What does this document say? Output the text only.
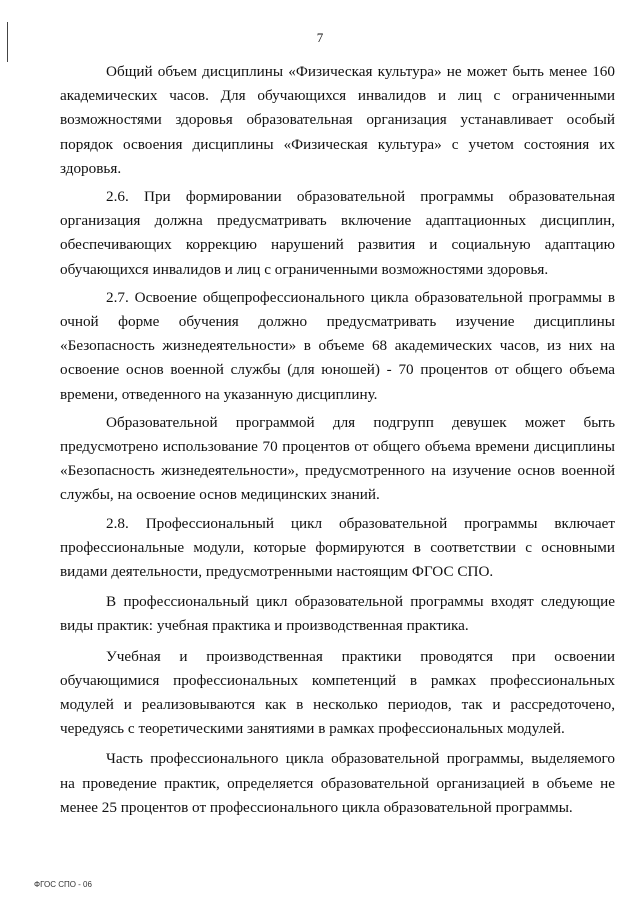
7

Общий объем дисциплины «Физическая культура» не может быть менее 160 академических часов. Для обучающихся инвалидов и лиц с ограниченными возможностями здоровья образовательная организация устанавливает особый порядок освоения дисциплины «Физическая культура» с учетом состояния их здоровья.

2.6. При формировании образовательной программы образовательная организация должна предусматривать включение адаптационных дисциплин, обеспечивающих коррекцию нарушений развития и социальную адаптацию обучающихся инвалидов и лиц с ограниченными возможностями здоровья.

2.7. Освоение общепрофессионального цикла образовательной программы в очной форме обучения должно предусматривать изучение дисциплины «Безопасность жизнедеятельности» в объеме 68 академических часов, из них на освоение основ военной службы (для юношей) - 70 процентов от общего объема времени, отведенного на указанную дисциплину.

Образовательной программой для подгрупп девушек может быть предусмотрено использование 70 процентов от общего объема времени дисциплины «Безопасность жизнедеятельности», предусмотренного на изучение основ военной службы, на освоение основ медицинских знаний.

2.8. Профессиональный цикл образовательной программы включает профессиональные модули, которые формируются в соответствии с основными видами деятельности, предусмотренными настоящим ФГОС СПО.

В профессиональный цикл образовательной программы входят следующие виды практик: учебная практика и производственная практика.

Учебная и производственная практики проводятся при освоении обучающимися профессиональных компетенций в рамках профессиональных модулей и реализовываются как в несколько периодов, так и рассредоточено, чередуясь с теоретическими занятиями в рамках профессиональных модулей.

Часть профессионального цикла образовательной программы, выделяемого на проведение практик, определяется образовательной организацией в объеме не менее 25 процентов от профессионального цикла образовательной программы.

ФГОС СПО - 06
